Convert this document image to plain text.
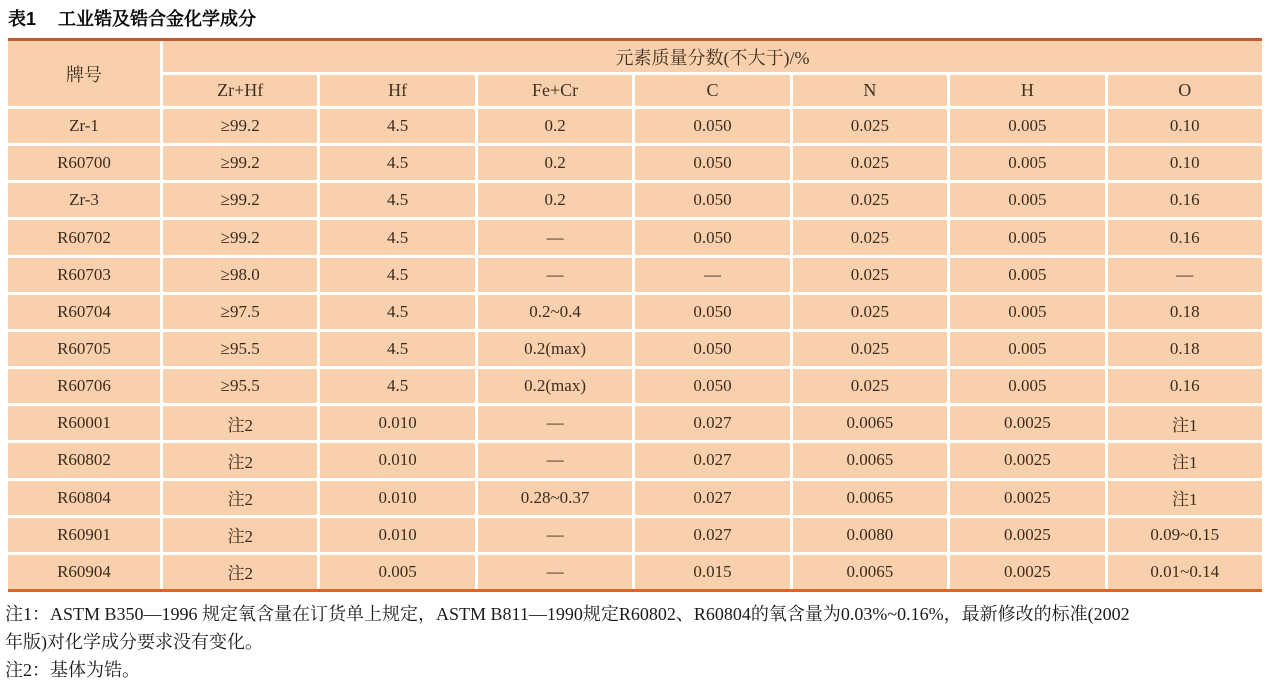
表1 工业锆及锆合金化学成分
牌号
元素质量分数(不大于)/%
Zr+Hf	Hf	Fe+Cr	C	N	H	O
Zr-1	≥99.2	4.5	0.2	0.050	0.025	0.005	0.10
R60700	≥99.2	4.5	0.2	0.050	0.025	0.005	0.10
Zr-3	≥99.2	4.5	0.2	0.050	0.025	0.005	0.16
R60702	≥99.2	4.5	—	0.050	0.025	0.005	0.16
R60703	≥98.0	4.5	—	—	0.025	0.005	—
R60704	≥97.5	4.5	0.2~0.4	0.050	0.025	0.005	0.18
R60705	≥95.5	4.5	0.2(max)	0.050	0.025	0.005	0.18
R60706	≥95.5	4.5	0.2(max)	0.050	0.025	0.005	0.16
R60001	注2	0.010	—	0.027	0.0065	0.0025	注1
R60802	注2	0.010	—	0.027	0.0065	0.0025	注1
R60804	注2	0.010	0.28~0.37	0.027	0.0065	0.0025	注1
R60901	注2	0.010	—	0.027	0.0080	0.0025	0.09~0.15
R60904	注2	0.005	—	0.015	0.0065	0.0025	0.01~0.14
注1：ASTM B350—1996 规定氧含量在订货单上规定，ASTM B811—1990规定R60802、R60804的氧含量为0.03%~0.16%，最新修改的标准(2002
年版)对化学成分要求没有变化。
注2：基体为锆。
